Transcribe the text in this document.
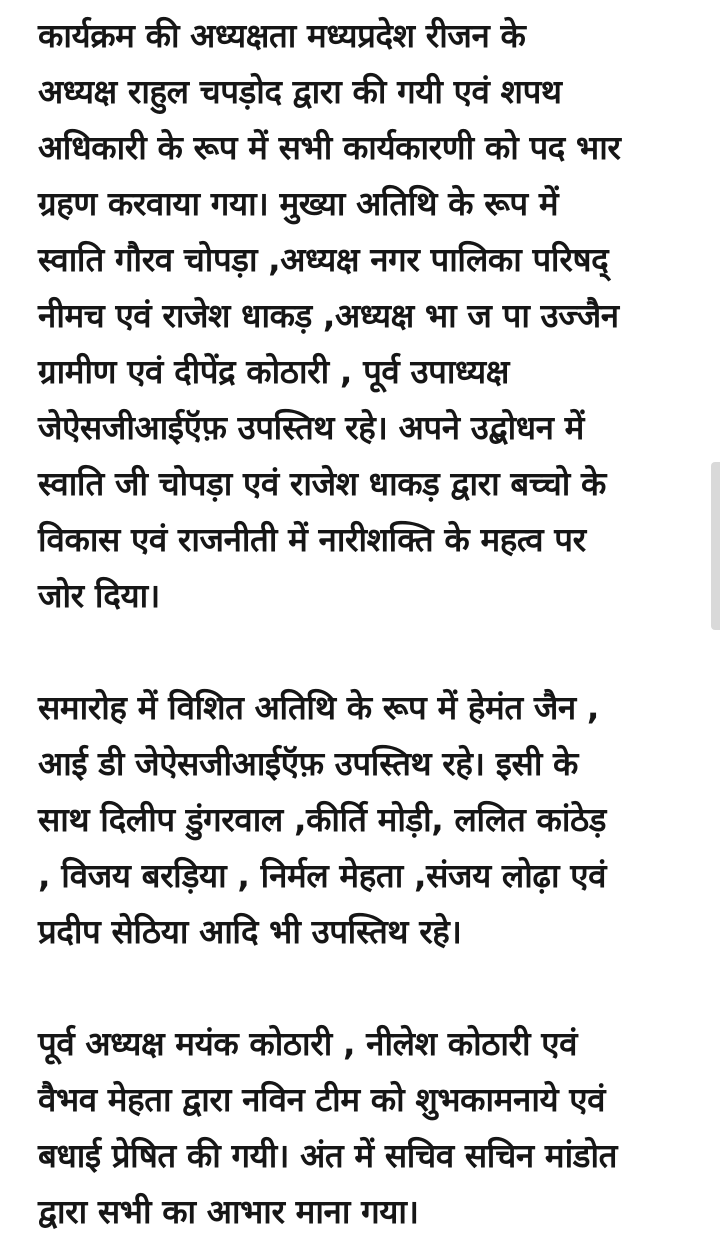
कार्यक्रम की अध्यक्षता मध्यप्रदेश रीजन के
अध्यक्ष राहुल चपड़ोद द्वारा की गयी एवं शपथ
अधिकारी के रूप में सभी कार्यकारणी को पद भार
ग्रहण करवाया गया। मुख्या अतिथि के रूप में
स्वाति गौरव चोपड़ा ,अध्यक्ष नगर पालिका परिषद्
नीमच एवं राजेश धाकड़ ,अध्यक्ष भा ज पा उज्जैन
ग्रामीण एवं दीपेंद्र कोठारी , पूर्व उपाध्यक्ष
जेऐसजीआईऍफ़ उपस्तिथ रहे। अपने उद्बोधन में
स्वाति जी चोपड़ा एवं राजेश धाकड़ द्वारा बच्चो के
विकास एवं राजनीती में नारीशक्ति के महत्व पर
जोर दिया।

समारोह में विशित अतिथि के रूप में हेमंत जैन ,
आई डी जेऐसजीआईऍफ़ उपस्तिथ रहे। इसी के
साथ दिलीप डुंगरवाल ,कीर्ति मोड़ी, ललित कांठेड़
, विजय बरड़िया , निर्मल मेहता ,संजय लोढ़ा एवं
प्रदीप सेठिया आदि भी उपस्तिथ रहे।

पूर्व अध्यक्ष मयंक कोठारी , नीलेश कोठारी एवं
वैभव मेहता द्वारा नविन टीम को शुभकामनाये एवं
बधाई प्रेषित की गयी। अंत में सचिव सचिन मांडोत
द्वारा सभी का आभार माना गया।
